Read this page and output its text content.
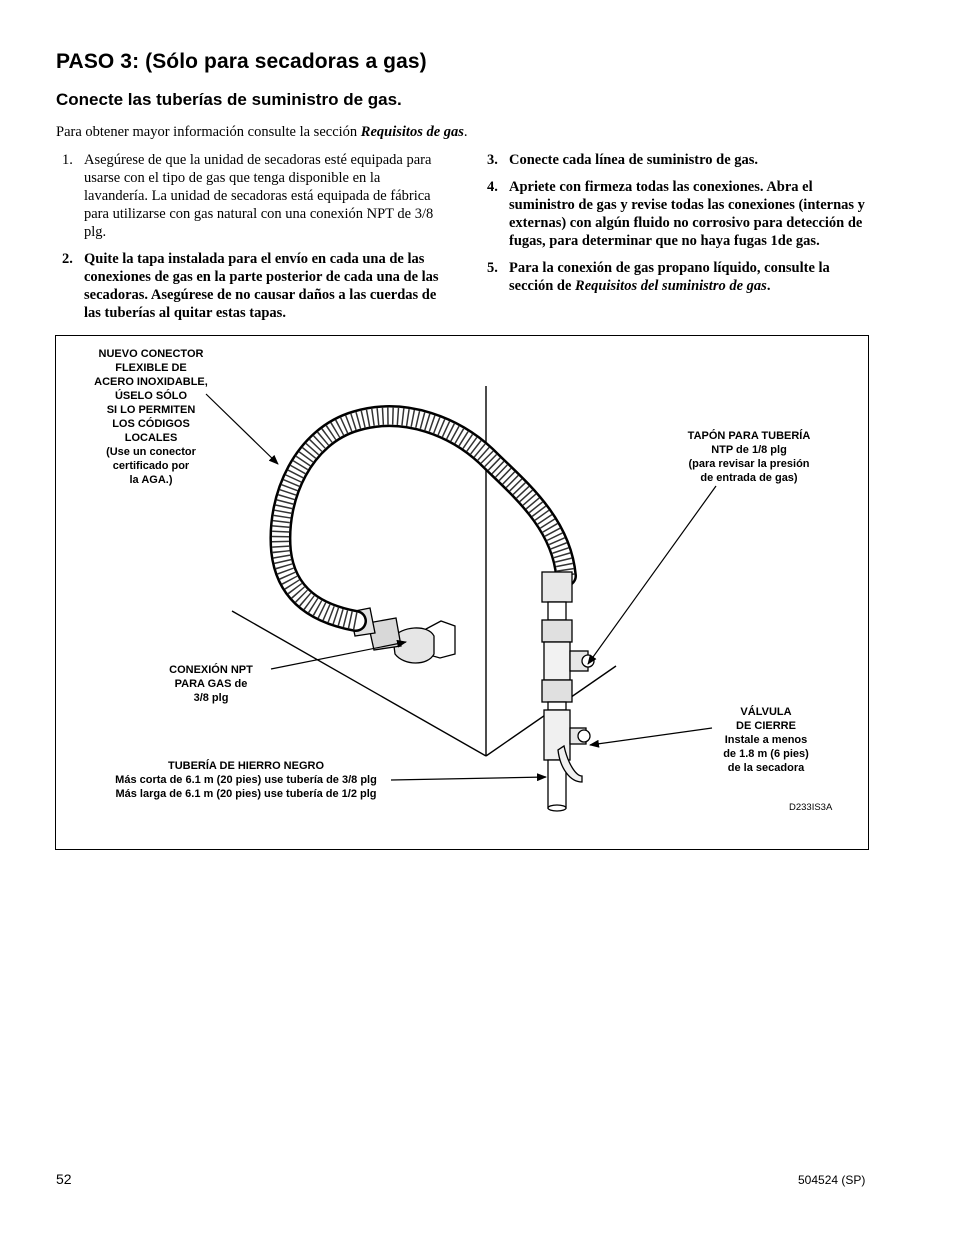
PASO 3: (Sólo para secadoras a gas)
Conecte las tuberías de suministro de gas.
Para obtener mayor información consulte la sección Requisitos de gas.
1. Asegúrese de que la unidad de secadoras esté equipada para usarse con el tipo de gas que tenga disponible en la lavandería. La unidad de secadoras está equipada de fábrica para utilizarse con gas natural con una conexión NPT de 3/8 plg.
2. Quite la tapa instalada para el envío en cada una de las conexiones de gas en la parte posterior de cada una de las secadoras. Asegúrese de no causar daños a las cuerdas de las tuberías al quitar estas tapas.
3. Conecte cada línea de suministro de gas.
4. Apriete con firmeza todas las conexiones. Abra el suministro de gas y revise todas las conexiones (internas y externas) con algún fluido no corrosivo para detección de fugas, para determinar que no haya fugas 1de gas.
5. Para la conexión de gas propano líquido, consulte la sección de Requisitos del suministro de gas.
NUEVO CONECTOR
FLEXIBLE DE
ACERO INOXIDABLE,
ÚSELO SÓLO
SI LO PERMITEN
LOS CÓDIGOS
LOCALES
(Use un conector
certificado por
la AGA.)
TAPÓN PARA TUBERÍA
NTP de 1/8 plg
(para revisar la presión
de entrada de gas)
CONEXIÓN NPT
PARA GAS de
3/8 plg
VÁLVULA
DE CIERRE
Instale a menos
de 1.8 m (6 pies)
de la secadora
TUBERÍA DE HIERRO NEGRO
Más corta de 6.1 m (20 pies) use tubería de 3/8 plg
Más larga de 6.1 m (20 pies) use tubería de 1/2 plg
D233IS3A
52	504524 (SP)
